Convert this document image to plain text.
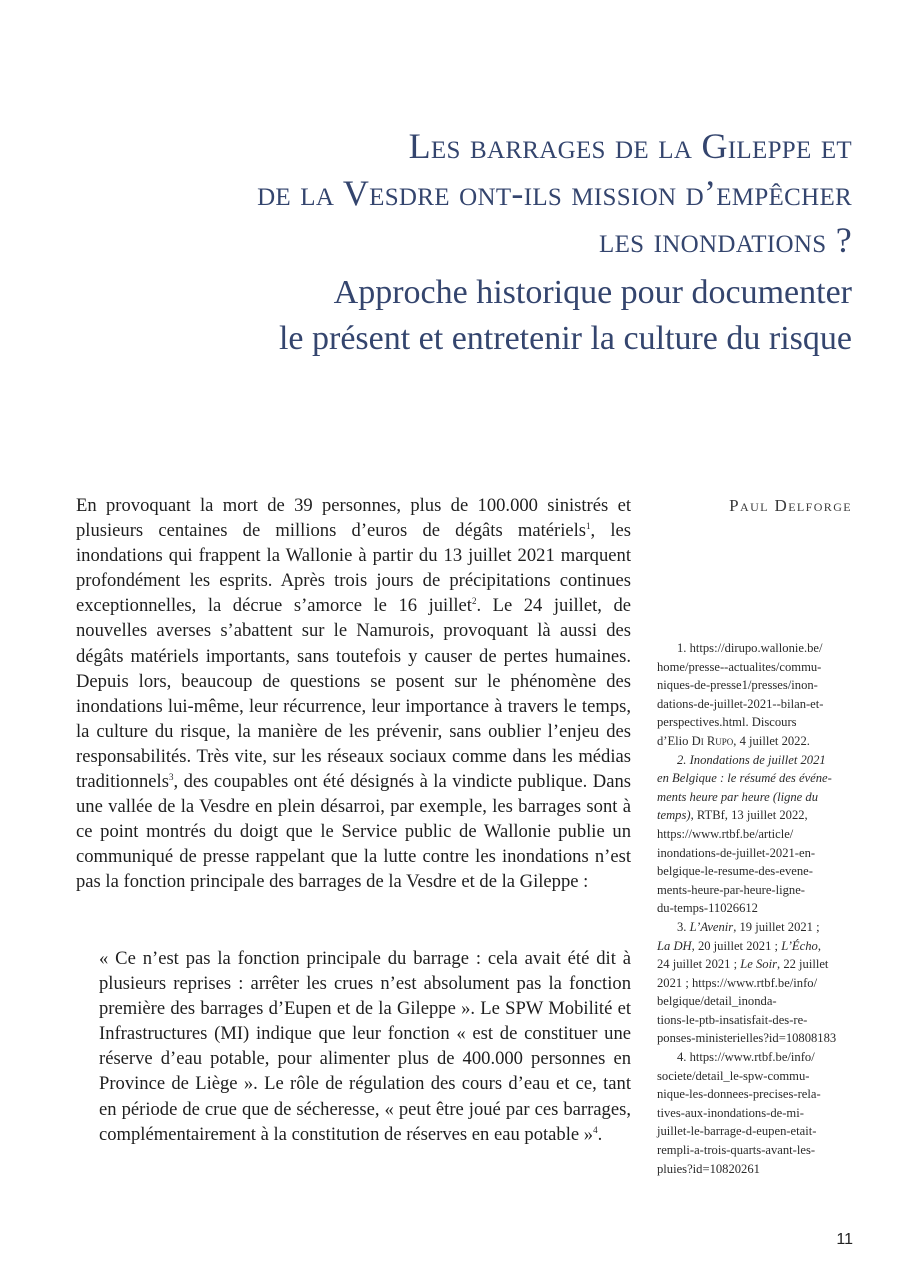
Les barrages de la Gileppe et
de la Vesdre ont-ils mission d’empêcher
les inondations ?
Approche historique pour documenter
le présent et entretenir la culture du risque
Paul Delforge

En provoquant la mort de 39 personnes, plus de 100.000 sinistrés et plusieurs centaines de millions d’euros de dégâts matériels$^1$, les inondations qui frappent la Wallonie à partir du 13 juillet 2021 marquent profondément les esprits. Après trois jours de précipitations continues exceptionnelles, la décrue s’amorce le 16 juillet$^2$. Le 24 juillet, de nouvelles averses s’abattent sur le Namurois, provoquant là aussi des dégâts matériels importants, sans toutefois y causer de pertes humaines. Depuis lors, beaucoup de questions se posent sur le phénomène des inondations lui-même, leur récurrence, leur importance à travers le temps, la culture du risque, la manière de les prévenir, sans oublier l’enjeu des responsabilités. Très vite, sur les réseaux sociaux comme dans les médias traditionnels$^3$, des coupables ont été désignés à la vindicte publique. Dans une vallée de la Vesdre en plein désarroi, par exemple, les barrages sont à ce point montrés du doigt que le Service public de Wallonie publie un communiqué de presse rappelant que la lutte contre les inondations n’est pas la fonction principale des barrages de la Vesdre et de la Gileppe :

« Ce n’est pas la fonction principale du barrage : cela avait été dit à plusieurs reprises : arrêter les crues n’est absolument pas la fonction première des barrages d’Eupen et de la Gileppe ». Le SPW Mobilité et Infrastructures (MI) indique que leur fonction « est de constituer une réserve d’eau potable, pour alimenter plus de 400.000 personnes en Province de Liège ». Le rôle de régulation des cours d’eau et ce, tant en période de crue que de sécheresse, « peut être joué par ces barrages, complémentairement à la constitution de réserves en eau potable »$^4$.

1. https://dirupo.wallonie.be/
home/presse--actualites/commu-
niques-de-presse1/presses/inon-
dations-de-juillet-2021--bilan-et-
perspectives.html. Discours
d’Elio Di Rupo, 4 juillet 2022.
2. Inondations de juillet 2021
en Belgique : le résumé des événe-
ments heure par heure (ligne du
temps), RTBf, 13 juillet 2022,
https://www.rtbf.be/article/
inondations-de-juillet-2021-en-
belgique-le-resume-des-evene-
ments-heure-par-heure-ligne-
du-temps-11026612
3. L’Avenir, 19 juillet 2021 ;
La DH, 20 juillet 2021 ; L’Écho,
24 juillet 2021 ; Le Soir, 22 juillet
2021 ; https://www.rtbf.be/info/
belgique/detail_inonda-
tions-le-ptb-insatisfait-des-re-
ponses-ministerielles?id=10808183
4. https://www.rtbf.be/info/
societe/detail_le-spw-commu-
nique-les-donnees-precises-rela-
tives-aux-inondations-de-mi-
juillet-le-barrage-d-eupen-etait-
rempli-a-trois-quarts-avant-les-
pluies?id=10820261
11
